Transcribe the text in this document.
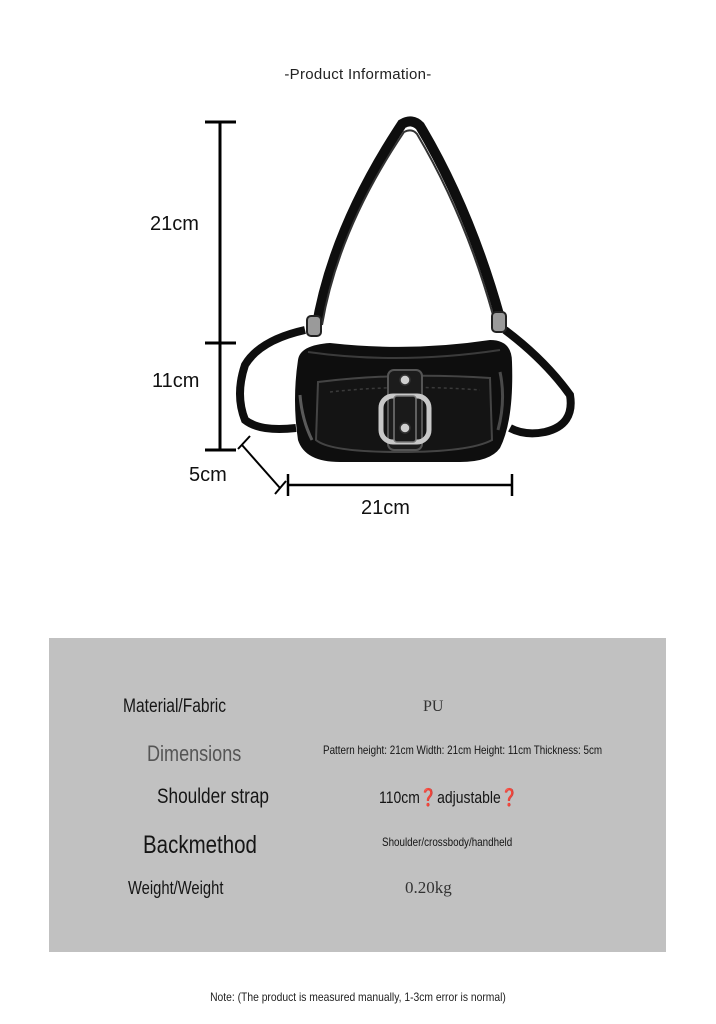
-Product Information-
21cm
11cm
5cm
21cm
Material/Fabric	PU
Dimensions	Pattern height: 21cm Width: 21cm Height: 11cm Thickness: 5cm
Shoulder strap	110cm❓adjustable❓
Backmethod	Shoulder/crossbody/handheld
Weight/Weight	0.20kg
Note: (The product is measured manually, 1-3cm error is normal)
